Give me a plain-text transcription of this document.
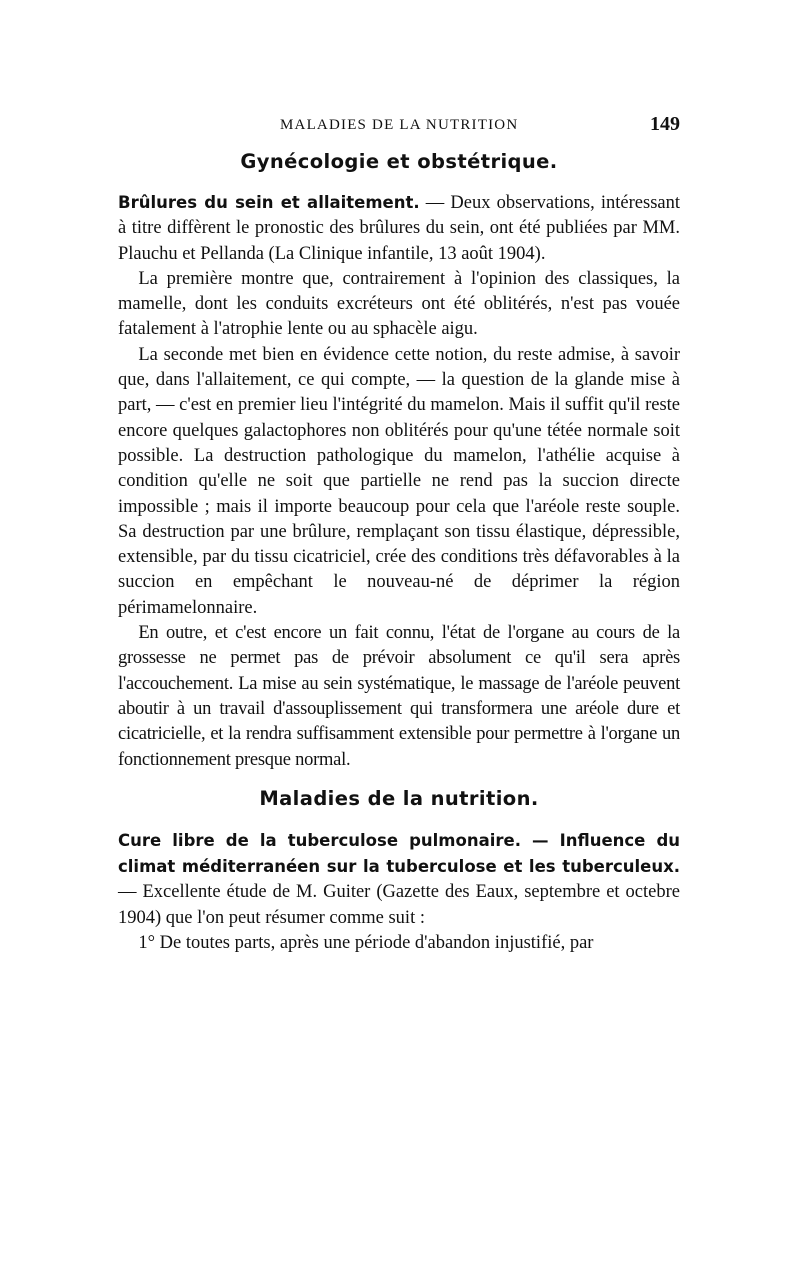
MALADIES DE LA NUTRITION	149
Gynécologie et obstétrique.

Brûlures du sein et allaitement. — Deux observations, intéressant à titre diffèrent le pronostic des brûlures du sein, ont été publiées par MM. Plauchu et Pellanda (La Clinique infantile, 13 août 1904).

La première montre que, contrairement à l'opinion des classiques, la mamelle, dont les conduits excréteurs ont été oblitérés, n'est pas vouée fatalement à l'atrophie lente ou au sphacèle aigu.

La seconde met bien en évidence cette notion, du reste admise, à savoir que, dans l'allaitement, ce qui compte, — la question de la glande mise à part, — c'est en premier lieu l'intégrité du mamelon. Mais il suffit qu'il reste encore quelques galactophores non oblitérés pour qu'une tétée normale soit possible. La destruction pathologique du mamelon, l'athélie acquise à condition qu'elle ne soit que partielle ne rend pas la succion directe impossible ; mais il importe beaucoup pour cela que l'aréole reste souple. Sa destruction par une brûlure, remplaçant son tissu élastique, dépressible, extensible, par du tissu cicatriciel, crée des conditions très défavorables à la succion en empêchant le nouveau-né de déprimer la région périmamelonnaire.

En outre, et c'est encore un fait connu, l'état de l'organe au cours de la grossesse ne permet pas de prévoir absolument ce qu'il sera après l'accouchement. La mise au sein systématique, le massage de l'aréole peuvent aboutir à un travail d'assouplissement qui transformera une aréole dure et cicatricielle, et la rendra suffisamment extensible pour permettre à l'organe un fonctionnement presque normal.

Maladies de la nutrition.

Cure libre de la tuberculose pulmonaire. — Influence du climat méditerranéen sur la tuberculose et les tuberculeux. — Excellente étude de M. Guiter (Gazette des Eaux, septembre et octebre 1904) que l'on peut résumer comme suit :

1° De toutes parts, après une période d'abandon injustifié, par
